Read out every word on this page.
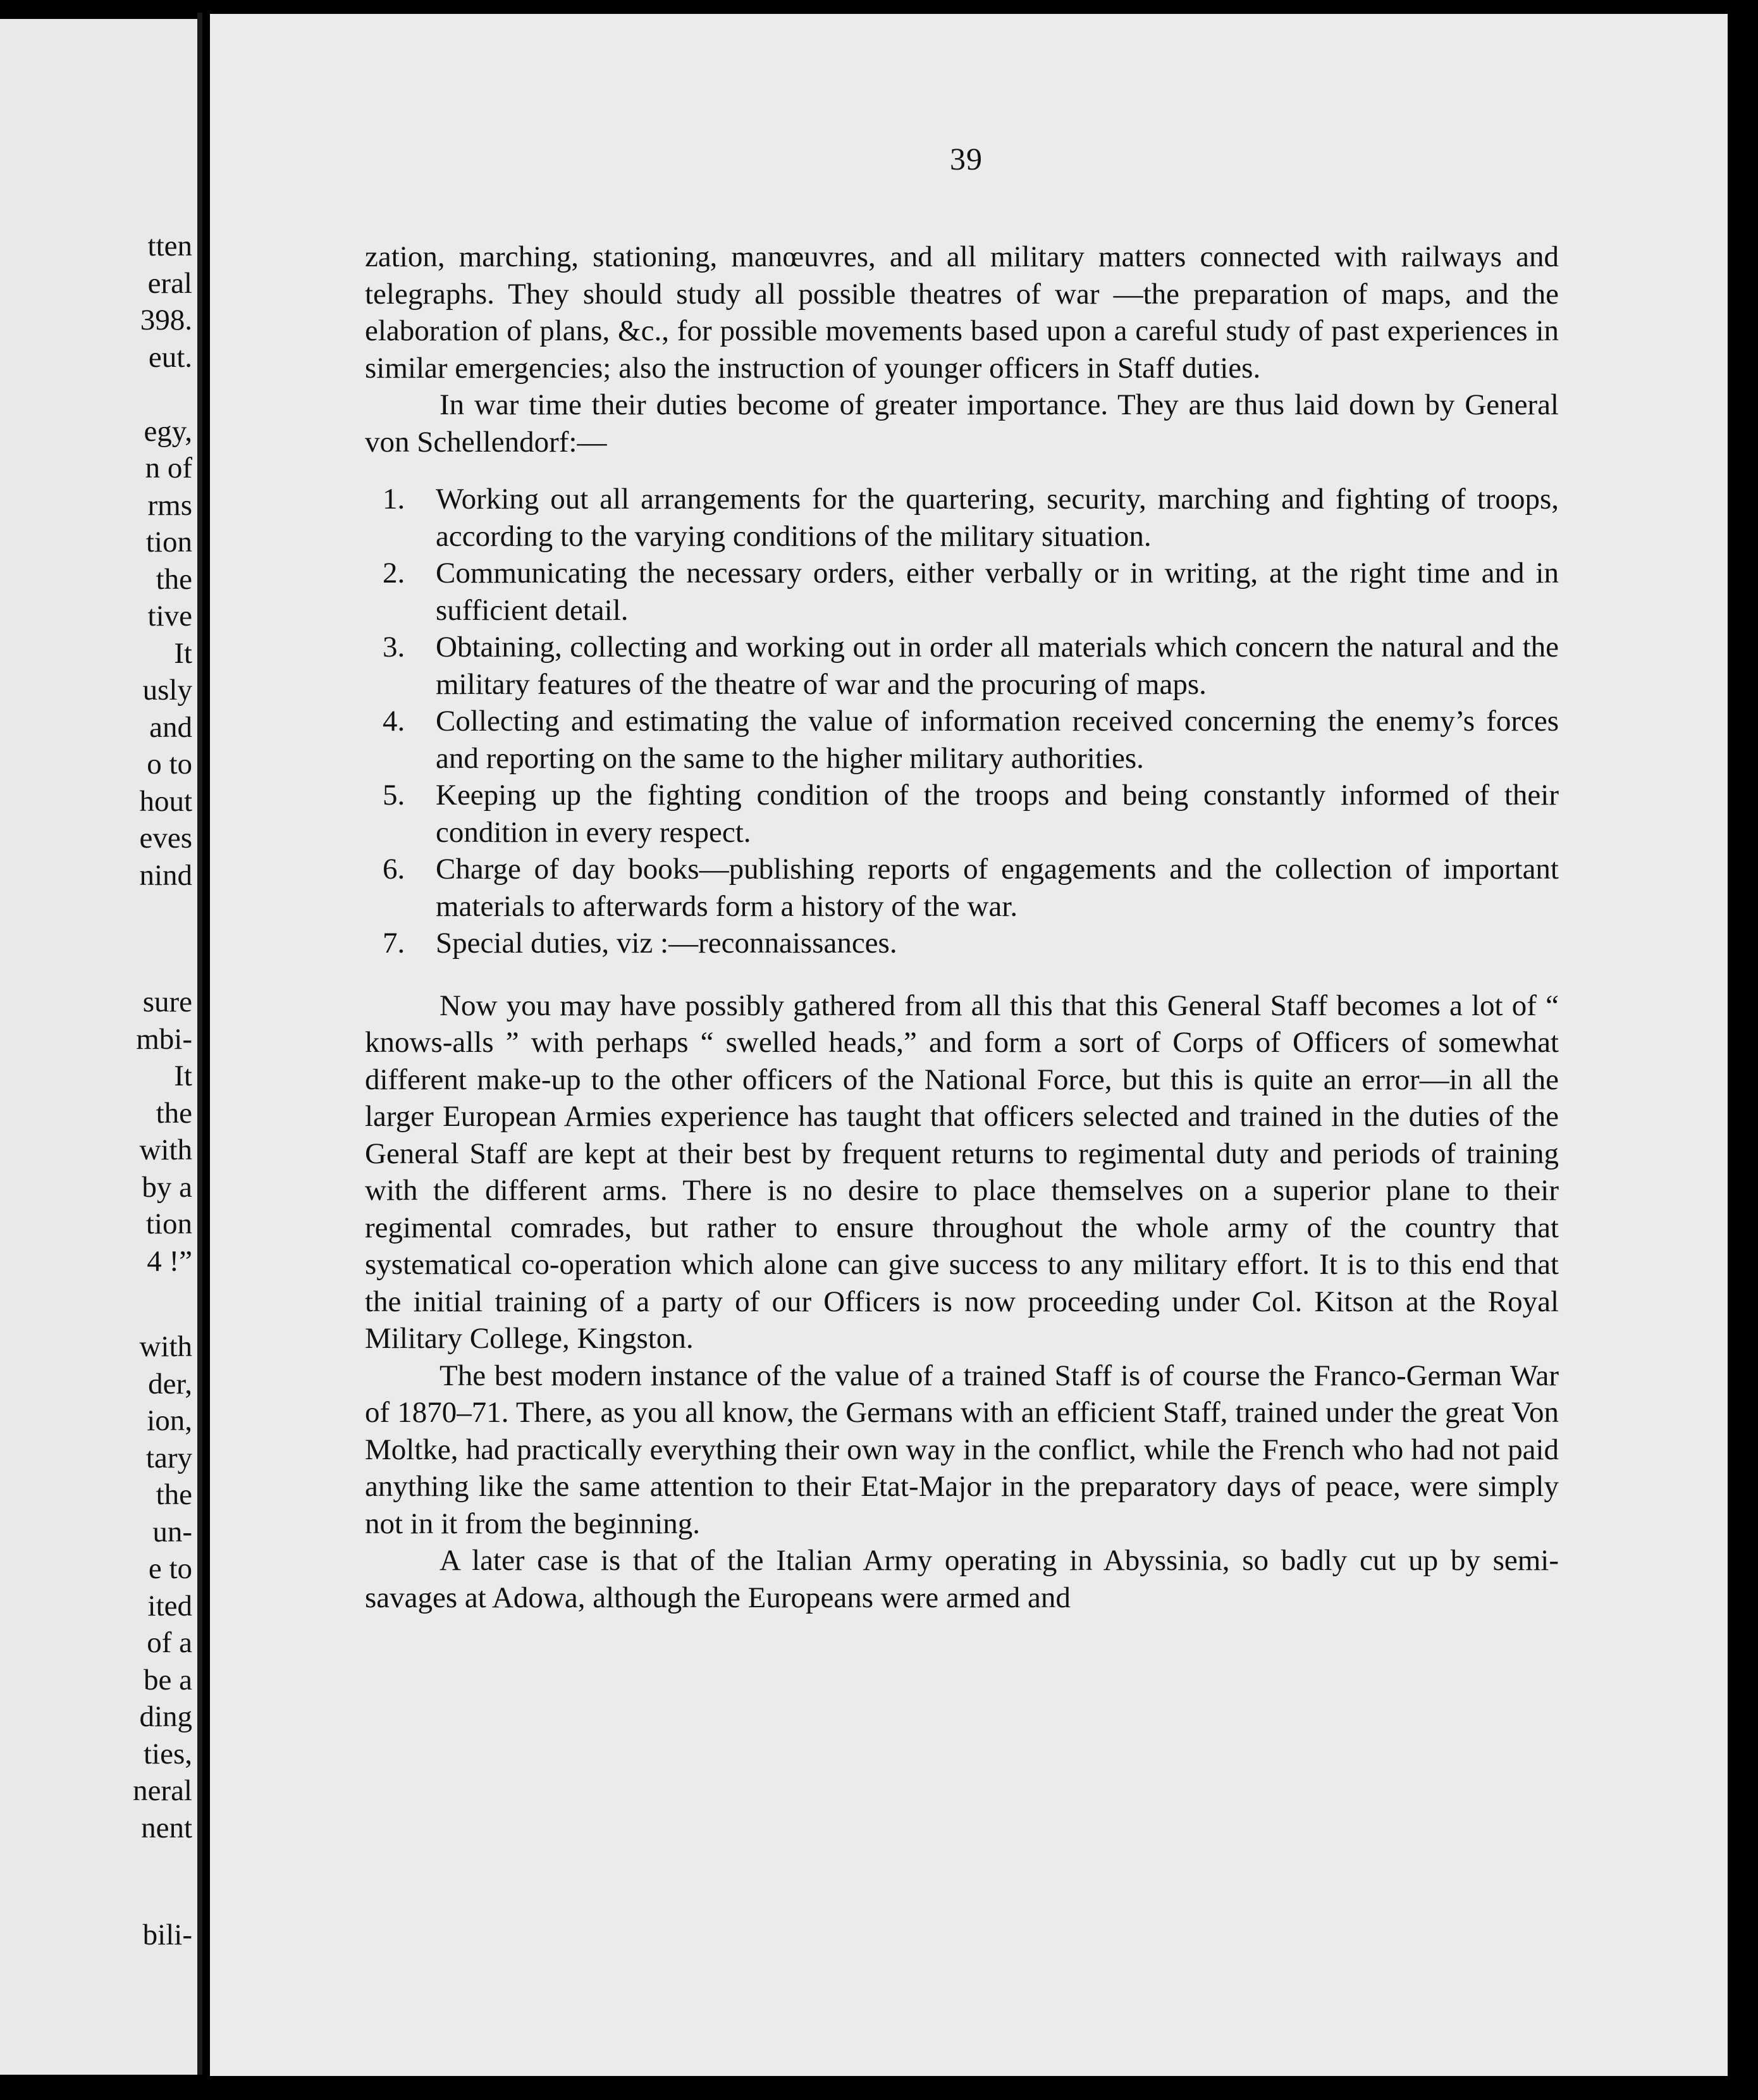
tten
eral
398.
eut.

egy,
n of
rms
tion
the
tive
It
usly
and
o to
hout
eves
nind
sure
mbi-
It
the
with
by a
tion
4 !”
with
der,
ion,
tary
the
un-
e to
ited
of a
be a
ding
ties,
neral
nent
bili-
39

zation, marching, stationing, manœuvres, and all military matters connected with railways and telegraphs. They should study all possible theatres of war —the preparation of maps, and the elaboration of plans, &c., for possible movements based upon a careful study of past experiences in similar emergencies; also the instruction of younger officers in Staff duties.

In war time their duties become of greater importance. They are thus laid down by General von Schellendorf:—

1. Working out all arrangements for the quartering, security, marching and fighting of troops, according to the varying conditions of the military situation.
2. Communicating the necessary orders, either verbally or in writing, at the right time and in sufficient detail.
3. Obtaining, collecting and working out in order all materials which concern the natural and the military features of the theatre of war and the procuring of maps.
4. Collecting and estimating the value of information received concerning the enemy’s forces and reporting on the same to the higher military authorities.
5. Keeping up the fighting condition of the troops and being constantly informed of their condition in every respect.
6. Charge of day books—publishing reports of engagements and the collection of important materials to afterwards form a history of the war.
7. Special duties, viz :—reconnaissances.

Now you may have possibly gathered from all this that this General Staff becomes a lot of “ knows-alls ” with perhaps “ swelled heads,” and form a sort of Corps of Officers of somewhat different make-up to the other officers of the National Force, but this is quite an error—in all the larger European Armies experience has taught that officers selected and trained in the duties of the General Staff are kept at their best by frequent returns to regimental duty and periods of training with the different arms. There is no desire to place themselves on a superior plane to their regimental comrades, but rather to ensure throughout the whole army of the country that systematical co-operation which alone can give success to any military effort. It is to this end that the initial training of a party of our Officers is now proceeding under Col. Kitson at the Royal Military College, Kingston.

The best modern instance of the value of a trained Staff is of course the Franco-German War of 1870–71. There, as you all know, the Germans with an efficient Staff, trained under the great Von Moltke, had practically everything their own way in the conflict, while the French who had not paid anything like the same attention to their Etat-Major in the preparatory days of peace, were simply not in it from the beginning.

A later case is that of the Italian Army operating in Abyssinia, so badly cut up by semi-savages at Adowa, although the Europeans were armed and
